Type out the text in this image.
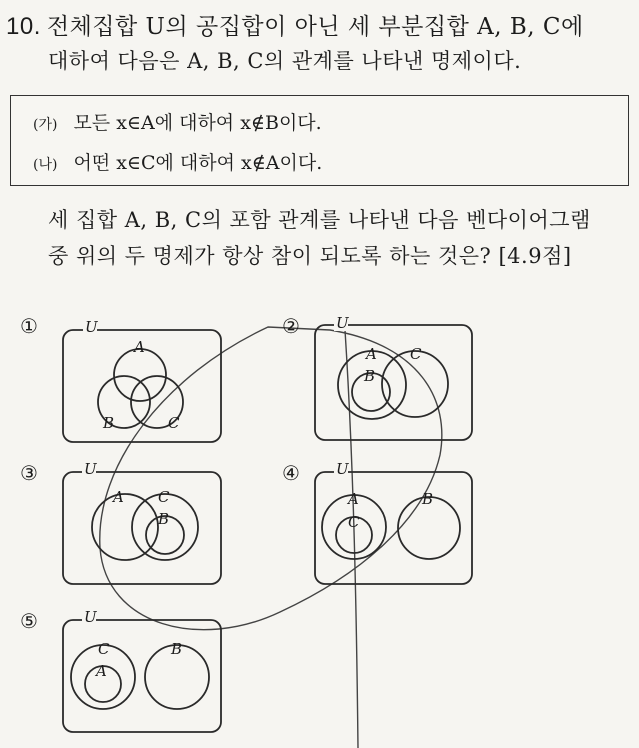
10. 전체집합 U의 공집합이 아닌 세 부분집합 A, B, C에
대하여 다음은 A, B, C의 관계를 나타낸 명제이다.
(가) 모든 x∈A에 대하여 x∉B이다.
(나) 어떤 x∈C에 대하여 x∉A이다.
세 집합 A, B, C의 포함 관계를 나타낸 다음 벤다이어그램
중 위의 두 명제가 항상 참이 되도록 하는 것은? [4.9점]
①	U
A
B	C
② U
A
B
C
③	U
A
B
C
④ U
A
C
B
⑤	U
C
A
B
